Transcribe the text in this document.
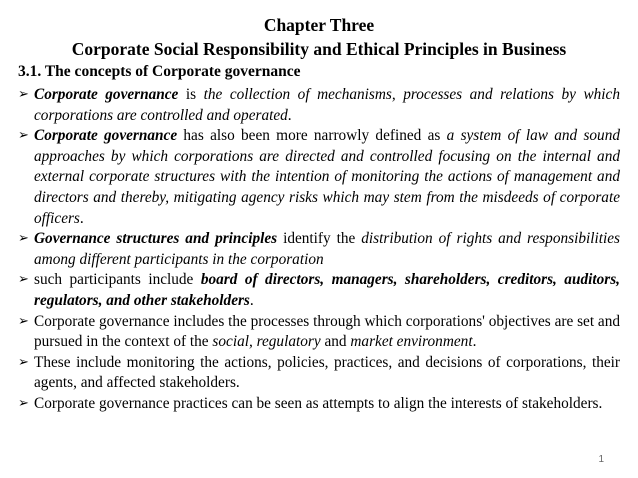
Chapter Three
Corporate Social Responsibility and Ethical Principles in Business
3.1. The concepts of Corporate governance
➢ Corporate governance is the collection of mechanisms, processes and relations by which corporations are controlled and operated.
➢ Corporate governance has also been more narrowly defined as a system of law and sound approaches by which corporations are directed and controlled focusing on the internal and external corporate structures with the intention of monitoring the actions of management and directors and thereby, mitigating agency risks which may stem from the misdeeds of corporate officers.
➢ Governance structures and principles identify the distribution of rights and responsibilities among different participants in the corporation
➢ such participants include board of directors, managers, shareholders, creditors, auditors, regulators, and other stakeholders.
➢ Corporate governance includes the processes through which corporations' objectives are set and pursued in the context of the social, regulatory and market environment.
➢ These include monitoring the actions, policies, practices, and decisions of corporations, their agents, and affected stakeholders.
➢ Corporate governance practices can be seen as attempts to align the interests of stakeholders.
1
